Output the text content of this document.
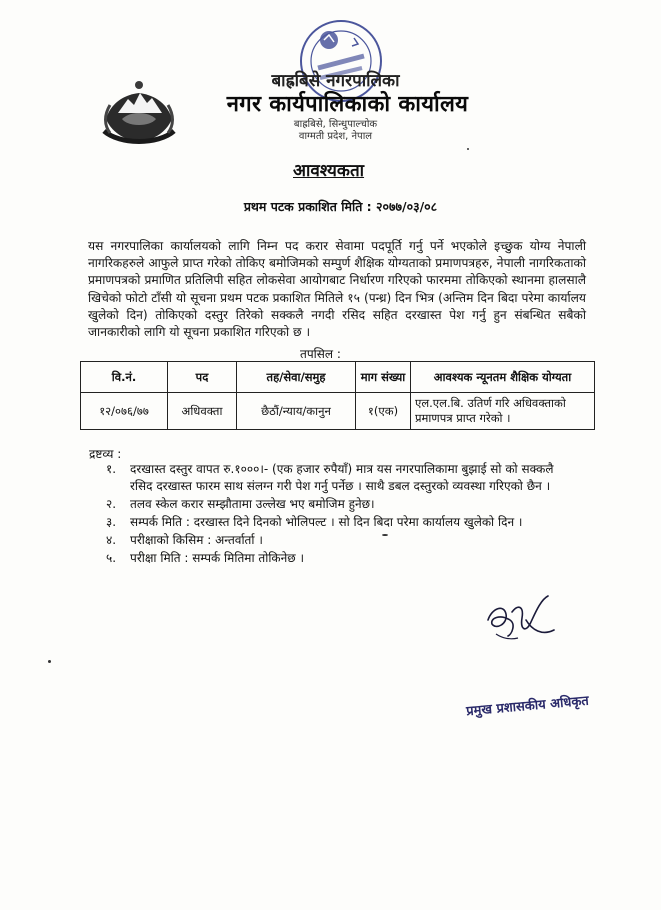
बाह्रबिसे नगरपालिका
नगर कार्यपालिकाको कार्यालय
बाह्रबिसे, सिन्धुपाल्चोक
वाग्मती प्रदेश, नेपाल
आवश्यकता
प्रथम पटक प्रकाशित मिति : २०७७/०३/०८
यस नगरपालिका कार्यालयको लागि निम्न पद करार सेवामा पदपूर्ति गर्नु पर्ने भएकोले इच्छुक योग्य नेपाली नागरिकहरुले आफुले प्राप्त गरेको तोकिए बमोजिमको सम्पुर्ण शैक्षिक योग्यताको प्रमाणपत्रहरु, नेपाली नागरिकताको प्रमाणपत्रको प्रमाणित प्रतिलिपी सहित लोकसेवा आयोगबाट निर्धारण गरिएको फारममा तोकिएको स्थानमा हालसालै खिचेको फोटो टाँसी यो सूचना प्रथम पटक प्रकाशित मितिले १५ (पन्ध्र) दिन भित्र (अन्तिम दिन बिदा परेमा कार्यालय खुलेको दिन) तोकिएको दस्तुर तिरेको सक्कलै नगदी रसिद सहित दरखास्त पेश गर्नु हुन संबन्धित सबैको जानकारीको लागि यो सूचना प्रकाशित गरिएको छ ।
तपसिल :
वि.नं.	पद	तह/सेवा/समुह	माग संख्या	आवश्यक न्यूनतम शैक्षिक योग्यता
१२/०७६/७७	अधिवक्ता	छैठौं/न्याय/कानुन	१(एक)	एल.एल.बि. उतिर्ण गरि अधिवक्ताको प्रमाणपत्र प्राप्त गरेको ।
द्रष्टव्य :
१.	दरखास्त दस्तुर वापत रु.१०००।- (एक हजार रुपैयाँ) मात्र यस नगरपालिकामा बुझाई सो को सक्कलै रसिद दरखास्त फारम साथ संलग्न गरी पेश गर्नु पर्नेछ । साथै डबल दस्तुरको व्यवस्था गरिएको छैन ।
२.	तलव स्केल करार सम्झौतामा उल्लेख भए बमोजिम हुनेछ।
३.	सम्पर्क मिति : दरखास्त दिने दिनको भोलिपल्ट । सो दिन बिदा परेमा कार्यालय खुलेको दिन ।
४.	परीक्षाको किसिम : अन्तर्वार्ता ।
५.	परीक्षा मिति : सम्पर्क मितिमा तोकिनेछ ।
प्रमुख प्रशासकीय अधिकृत
